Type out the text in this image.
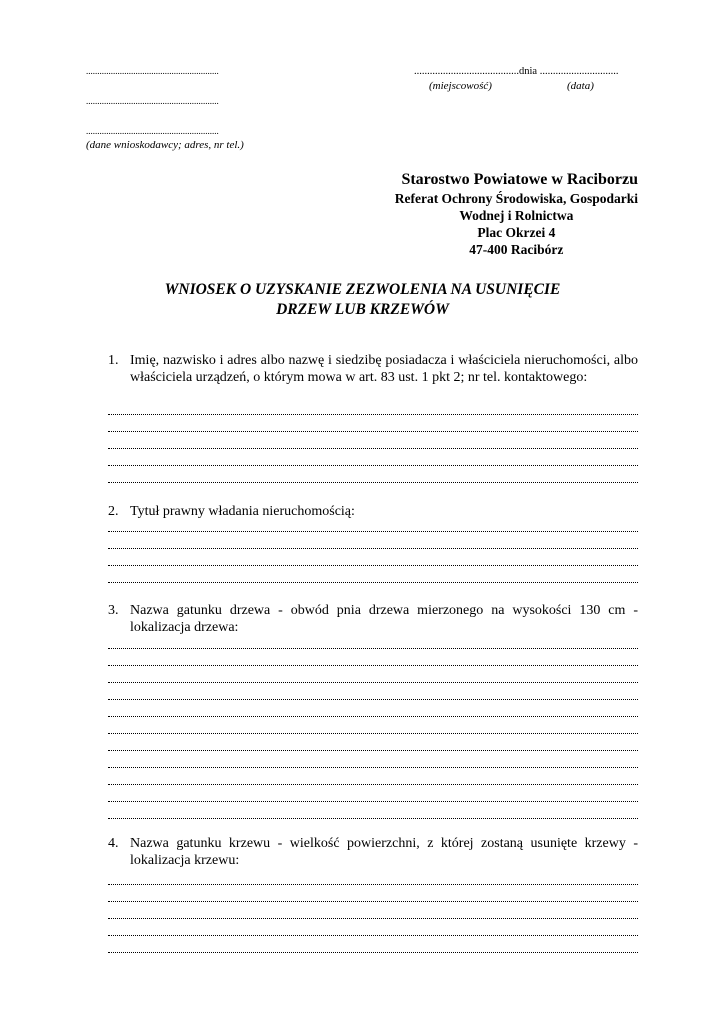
...........................................................
...........................................................
...........................................................
(dane wnioskodawcy; adres, nr tel.)
........................................dnia ..............................
(miejscowość)	(data)
Starostwo Powiatowe w Raciborzu
Referat Ochrony Środowiska, Gospodarki
Wodnej i Rolnictwa
Plac Okrzei 4
47-400 Racibórz
WNIOSEK O UZYSKANIE ZEZWOLENIA NA USUNIĘCIE
DRZEW LUB KRZEWÓW
1. Imię, nazwisko i adres albo nazwę i siedzibę posiadacza i właściciela nieruchomości, albo właściciela urządzeń, o którym mowa w art. 83 ust. 1 pkt 2; nr tel. kontaktowego:
2. Tytuł prawny władania nieruchomością:
3. Nazwa gatunku drzewa - obwód pnia drzewa mierzonego na wysokości 130 cm - lokalizacja drzewa:
4. Nazwa gatunku krzewu - wielkość powierzchni, z której zostaną usunięte krzewy - lokalizacja krzewu:
